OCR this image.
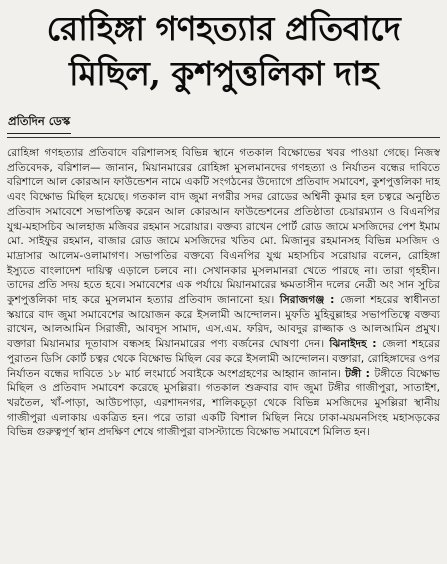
রোহিঙ্গা গণহত্যার প্রতিবাদে
মিছিল, কুশপুত্তলিকা দাহ
প্রতিদিন ডেস্ক

রোহিঙ্গা গণহত্যার প্রতিবাদে বরিশালসহ বিভিন্ন স্থানে গতকাল বিক্ষোভের খবর পাওয়া গেছে। নিজস্ব প্রতিবেদক, বরিশাল— জানান, মিয়ানমারের রোহিঙ্গা মুসলমানদের গণহত্যা ও নির্যাতন বন্ধের দাবিতে বরিশালে আল কোরআন ফাউন্ডেশন নামে একটি সংগঠনের উদ্যোগে প্রতিবাদ সমাবেশ, কুশপুত্তলিকা দাহ এবং বিক্ষোভ মিছিল হয়েছে। গতকাল বাদ জুমা নগরীর সদর রোডের অশ্বিনী কুমার হল চত্বরে অনুষ্ঠিত প্রতিবাদ সমাবেশে সভাপতিত্ব করেন আল কোরআন ফাউন্ডেশনের প্রতিষ্ঠাতা চেয়ারম্যান ও বিএনপির যুগ্ম-মহাসচিব আলহাজ মজিবর রহমান সরোয়ার। বক্তব্য রাখেন পোর্ট রোড জামে মসজিদের পেশ ইমাম মো. সাইফুর রহমান, বাজার রোড জামে মসজিদের খতিব মো. মিজানুর রহমানসহ বিভিন্ন মসজিদ ও মাদ্রাসার আলেম-ওলামাগণ। সভাপতির বক্তব্যে বিএনপির যুগ্ম মহাসচিব সরোয়ার বলেন, রোহিঙ্গা ইস্যুতে বাংলাদেশ দায়িত্ব এড়ালে চলবে না। সেখানকার মুসলমানরা খেতে পারছে না। তারা গৃহহীন। তাদের প্রতি সদয় হতে হবে। সমাবেশের এক পর্যায়ে মিয়ানমারের ক্ষমতাসীন দলের নেত্রী অং সান সুচির কুশপুত্তলিকা দাহ করে মুসলমান হত্যার প্রতিবাদ জানানো হয়। সিরাজগঞ্জ : জেলা শহরের স্বাধীনতা স্কয়ারে বাদ জুমা সমাবেশের আয়োজন করে ইসলামী আন্দোলন। মুফতি মুহিবুল্লাহর সভাপতিত্বে বক্তব্য রাখেন, আলআমিন সিরাজী, আবদুস সামাদ, এস.এম. ফরিদ, আবদুর রাজ্জাক ও আলআমিন প্রমুখ। বক্তারা মিয়ানমার দূতাবাস বন্ধসহ মিয়ানমারের পণ্য বর্জনের ঘোষণা দেন। ঝিনাইদহ : জেলা শহরের পুরাতন ডিসি কোর্ট চত্বর থেকে বিক্ষোভ মিছিল বের করে ইসলামী আন্দোলন। বক্তারা, রোহিঙ্গাদের ওপর নির্যাতন বন্ধের দাবিতে ১৮ মার্চ লংমার্চে সবাইকে অংশগ্রহণের আহ্বান জানান। টঙ্গী : টঙ্গীতে বিক্ষোভ মিছিল ও প্রতিবাদ সমাবেশ করেছে মুসল্লিরা। গতকাল শুক্রবার বাদ জুমা টঙ্গীর গাজীপুরা, সাতাইশ, খরতৈল, খাঁ-পাড়া, আউচপাড়া, এরশাদনগর, শালিকচূড়া থেকে বিভিন্ন মসজিদের মুসল্লিরা স্থানীয় গাজীপুরা এলাকায় একত্রিত হন। পরে তারা একটি বিশাল মিছিল নিয়ে ঢাকা-ময়মনসিংহ মহাসড়কের বিভিন্ন গুরুত্বপূর্ণ স্থান প্রদক্ষিণ শেষে গাজীপুরা বাসস্ট্যান্ডে বিক্ষোভ সমাবেশে মিলিত হন।
